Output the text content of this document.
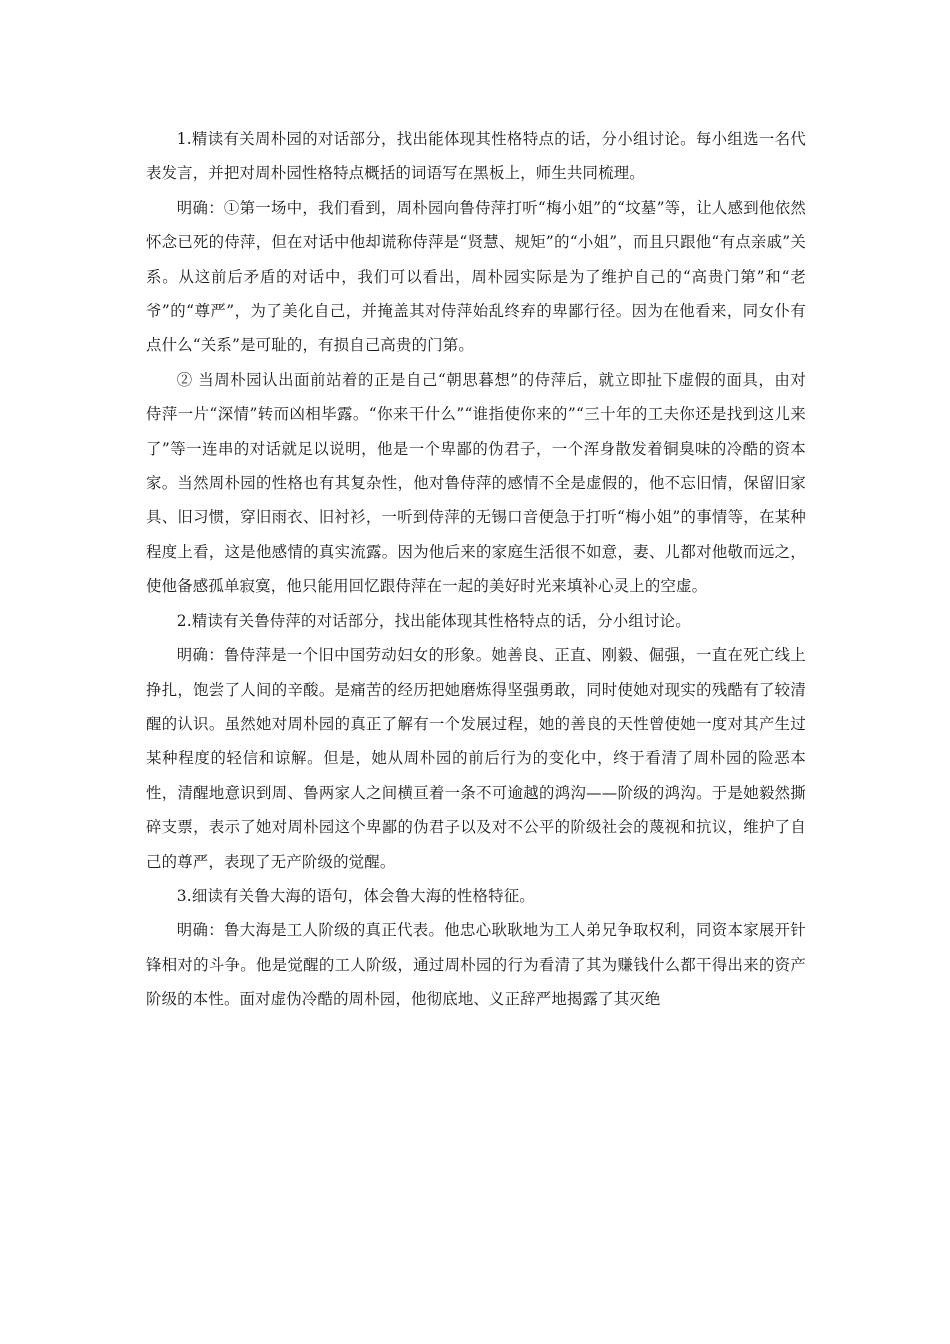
1.精读有关周朴园的对话部分，找出能体现其性格特点的话，分小组讨论。每小组选一名代表发言，并把对周朴园性格特点概括的词语写在黑板上，师生共同梳理。

明确：①第一场中，我们看到，周朴园向鲁侍萍打听“梅小姐”的“坟墓”等，让人感到他依然怀念已死的侍萍，但在对话中他却谎称侍萍是“贤慧、规矩”的“小姐”，而且只跟他“有点亲戚”关系。从这前后矛盾的对话中，我们可以看出，周朴园实际是为了维护自己的“高贵门第”和“老爷”的“尊严”，为了美化自己，并掩盖其对侍萍始乱终弃的卑鄙行径。因为在他看来，同女仆有点什么“关系”是可耻的，有损自己高贵的门第。

② 当周朴园认出面前站着的正是自己“朝思暮想”的侍萍后，就立即扯下虚假的面具，由对侍萍一片“深情”转而凶相毕露。“你来干什么”“谁指使你来的”“三十年的工夫你还是找到这儿来了”等一连串的对话就足以说明，他是一个卑鄙的伪君子，一个浑身散发着铜臭味的冷酷的资本家。当然周朴园的性格也有其复杂性，他对鲁侍萍的感情不全是虚假的，他不忘旧情，保留旧家具、旧习惯，穿旧雨衣、旧衬衫，一听到侍萍的无锡口音便急于打听“梅小姐”的事情等，在某种程度上看，这是他感情的真实流露。因为他后来的家庭生活很不如意，妻、儿都对他敬而远之，使他备感孤单寂寞，他只能用回忆跟侍萍在一起的美好时光来填补心灵上的空虚。

2.精读有关鲁侍萍的对话部分，找出能体现其性格特点的话，分小组讨论。

明确：鲁侍萍是一个旧中国劳动妇女的形象。她善良、正直、刚毅、倔强，一直在死亡线上挣扎，饱尝了人间的辛酸。是痛苦的经历把她磨炼得坚强勇敢，同时使她对现实的残酷有了较清醒的认识。虽然她对周朴园的真正了解有一个发展过程，她的善良的天性曾使她一度对其产生过某种程度的轻信和谅解。但是，她从周朴园的前后行为的变化中，终于看清了周朴园的险恶本性，清醒地意识到周、鲁两家人之间横亘着一条不可逾越的鸿沟——阶级的鸿沟。于是她毅然撕碎支票，表示了她对周朴园这个卑鄙的伪君子以及对不公平的阶级社会的蔑视和抗议，维护了自己的尊严，表现了无产阶级的觉醒。

3.细读有关鲁大海的语句，体会鲁大海的性格特征。

明确：鲁大海是工人阶级的真正代表。他忠心耿耿地为工人弟兄争取权利，同资本家展开针锋相对的斗争。他是觉醒的工人阶级，通过周朴园的行为看清了其为赚钱什么都干得出来的资产阶级的本性。面对虚伪冷酷的周朴园，他彻底地、义正辞严地揭露了其灭绝
